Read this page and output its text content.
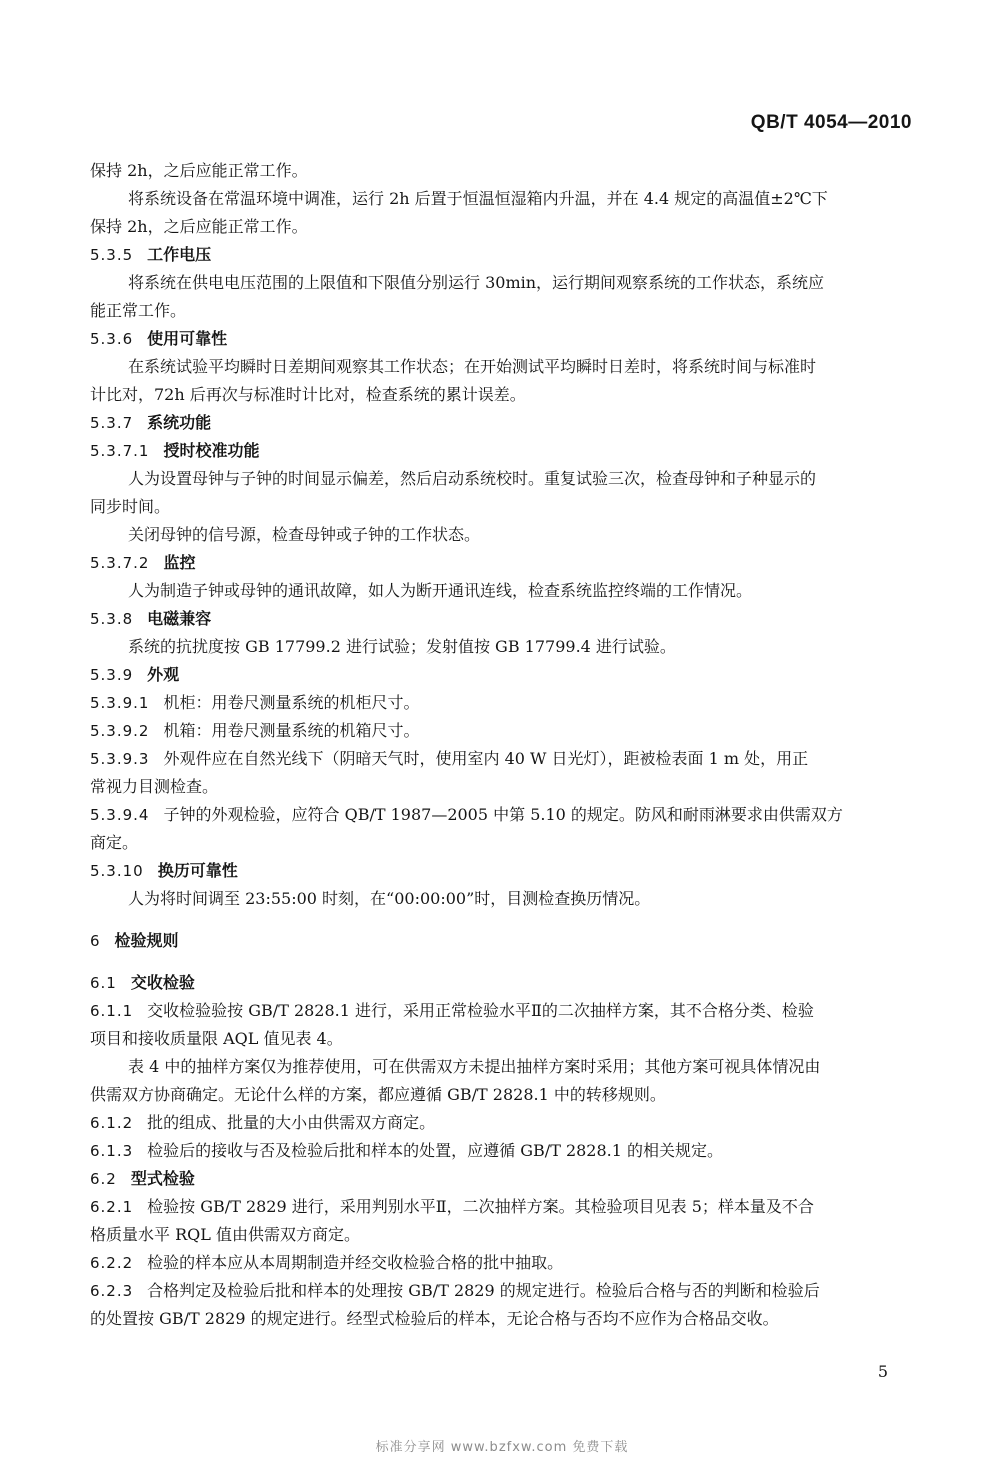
QB/T 4054—2010
保持 2h，之后应能正常工作。
将系统设备在常温环境中调准，运行 2h 后置于恒温恒湿箱内升温，并在 4.4 规定的高温值±2℃下
保持 2h，之后应能正常工作。
5.3.5 工作电压
将系统在供电电压范围的上限值和下限值分别运行 30min，运行期间观察系统的工作状态，系统应
能正常工作。
5.3.6 使用可靠性
在系统试验平均瞬时日差期间观察其工作状态；在开始测试平均瞬时日差时，将系统时间与标准时
计比对，72h 后再次与标准时计比对，检查系统的累计误差。
5.3.7 系统功能
5.3.7.1 授时校准功能
人为设置母钟与子钟的时间显示偏差，然后启动系统校时。重复试验三次，检查母钟和子种显示的
同步时间。
关闭母钟的信号源，检查母钟或子钟的工作状态。
5.3.7.2 监控
人为制造子钟或母钟的通讯故障，如人为断开通讯连线，检查系统监控终端的工作情况。
5.3.8 电磁兼容
系统的抗扰度按 GB 17799.2 进行试验；发射值按 GB 17799.4 进行试验。
5.3.9 外观
5.3.9.1 机柜：用卷尺测量系统的机柜尺寸。
5.3.9.2 机箱：用卷尺测量系统的机箱尺寸。
5.3.9.3 外观件应在自然光线下（阴暗天气时，使用室内 40 W 日光灯），距被检表面 1 m 处，用正
常视力目测检查。
5.3.9.4 子钟的外观检验，应符合 QB/T 1987—2005 中第 5.10 的规定。防风和耐雨淋要求由供需双方
商定。
5.3.10 换历可靠性
人为将时间调至 23:55:00 时刻，在“00:00:00”时，目测检查换历情况。
6 检验规则
6.1 交收检验
6.1.1 交收检验验按 GB/T 2828.1 进行，采用正常检验水平Ⅱ的二次抽样方案，其不合格分类、检验
项目和接收质量限 AQL 值见表 4。
表 4 中的抽样方案仅为推荐使用，可在供需双方未提出抽样方案时采用；其他方案可视具体情况由
供需双方协商确定。无论什么样的方案，都应遵循 GB/T 2828.1 中的转移规则。
6.1.2 批的组成、批量的大小由供需双方商定。
6.1.3 检验后的接收与否及检验后批和样本的处置，应遵循 GB/T 2828.1 的相关规定。
6.2 型式检验
6.2.1 检验按 GB/T 2829 进行，采用判别水平Ⅱ，二次抽样方案。其检验项目见表 5；样本量及不合
格质量水平 RQL 值由供需双方商定。
6.2.2 检验的样本应从本周期制造并经交收检验合格的批中抽取。
6.2.3 合格判定及检验后批和样本的处理按 GB/T 2829 的规定进行。检验后合格与否的判断和检验后
的处置按 GB/T 2829 的规定进行。经型式检验后的样本，无论合格与否均不应作为合格品交收。
5
标准分享网 www.bzfxw.com 免费下载
